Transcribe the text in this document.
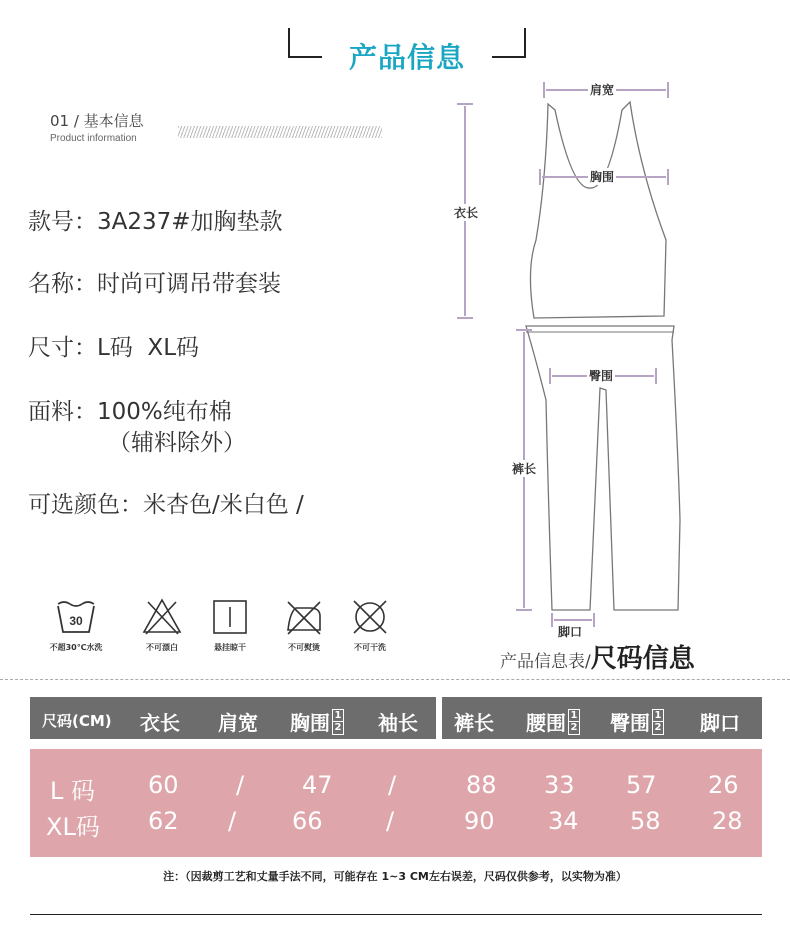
产品信息
01 / 基本信息
Product information
款号：3A237#加胸垫款
名称：时尚可调吊带套装
尺寸：L码  XL码
面料：100%纯布棉
（辅料除外）
可选颜色：米杏色/米白色 /
30
不超30℃水洗	不可漂白	悬挂晾干	不可熨烫	不可干洗
肩宽
胸围
衣长
臀围
裤长
脚口
产品信息表/尺码信息
尺码(CM) 衣长 肩宽 胸围 $\frac{1}{2}$ 袖长 裤长 腰围 $\frac{1}{2}$ 臀围 $\frac{1}{2}$ 脚口
L 码 60 / 47 /	88 33 57 26
XL码 62 / 66	/	90 34 58 28
注：（因裁剪工艺和丈量手法不同，可能存在 1~3 CM左右误差，尺码仅供参考，以实物为准）
